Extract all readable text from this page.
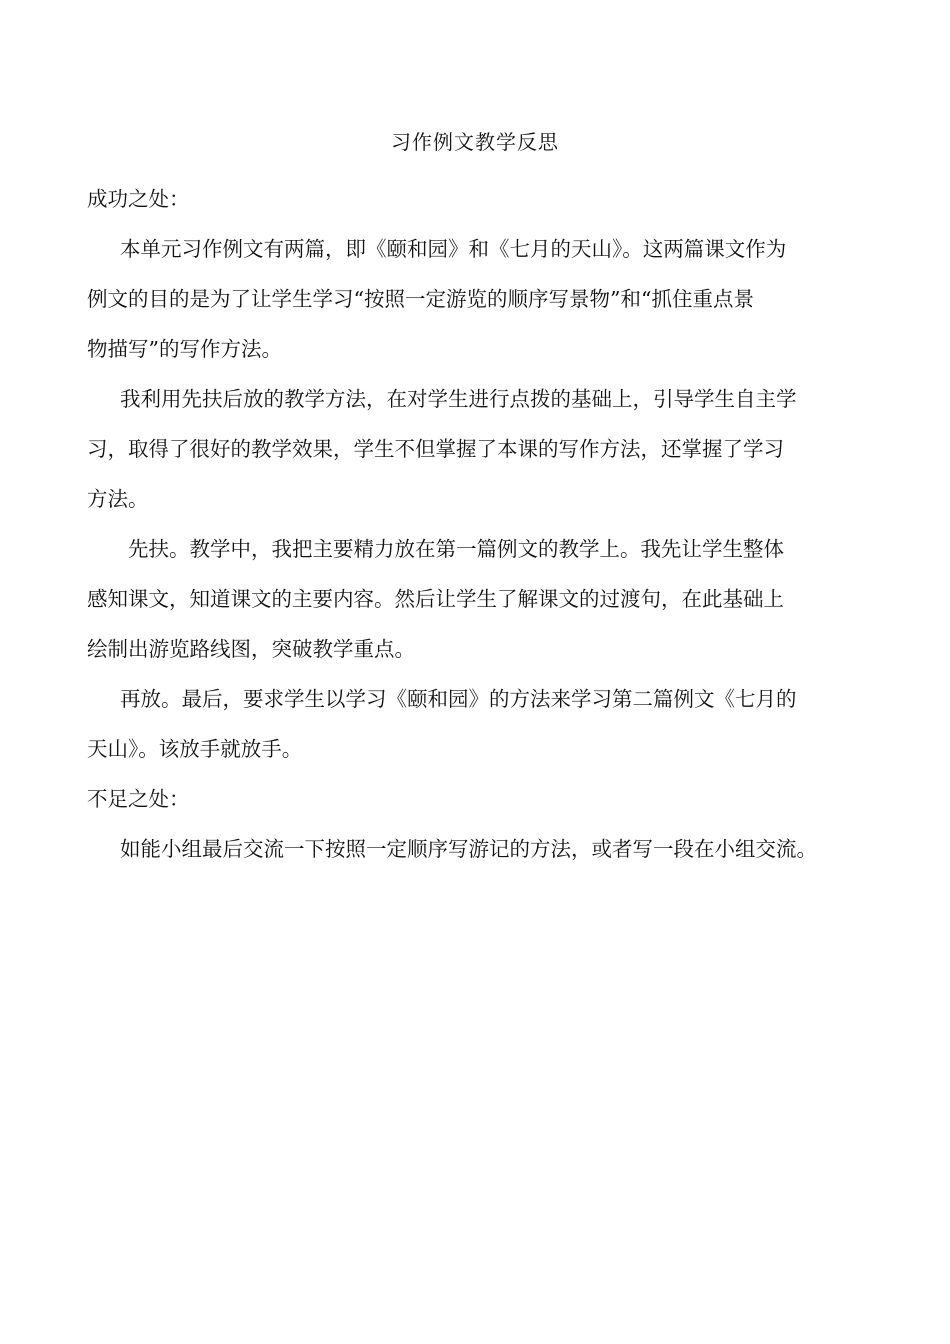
习作例文教学反思
成功之处：
本单元习作例文有两篇，即《颐和园》和《七月的天山》。这两篇课文作为
例文的目的是为了让学生学习“按照一定游览的顺序写景物”和“抓住重点景
物描写”的写作方法。
我利用先扶后放的教学方法，在对学生进行点拨的基础上，引导学生自主学
习，取得了很好的教学效果，学生不但掌握了本课的写作方法，还掌握了学习
方法。
先扶。教学中，我把主要精力放在第一篇例文的教学上。我先让学生整体
感知课文，知道课文的主要内容。然后让学生了解课文的过渡句，在此基础上
绘制出游览路线图，突破教学重点。
再放。最后，要求学生以学习《颐和园》的方法来学习第二篇例文《七月的
天山》。该放手就放手。
不足之处：
如能小组最后交流一下按照一定顺序写游记的方法，或者写一段在小组交流。
